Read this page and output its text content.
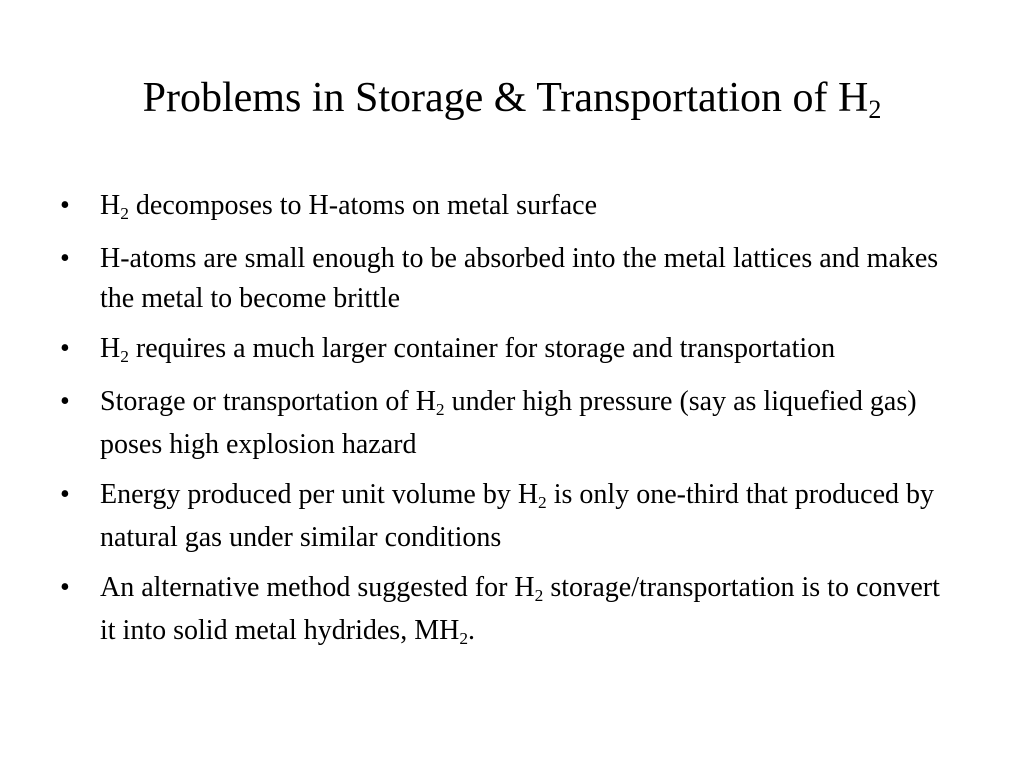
Problems in Storage & Transportation of $H_2$
• $H_2$ decomposes to H-atoms on metal surface
• H-atoms are small enough to be absorbed into the metal lattices and makes the metal to become brittle
• $H_2$ requires a much larger container for storage and transportation
• Storage or transportation of $H_2$ under high pressure (say as liquefied gas) poses high explosion hazard
• Energy produced per unit volume by $H_2$ is only one-third that produced by natural gas under similar conditions
• An alternative method suggested for $H_2$ storage/transportation is to convert it into solid metal hydrides, $MH_2$.
